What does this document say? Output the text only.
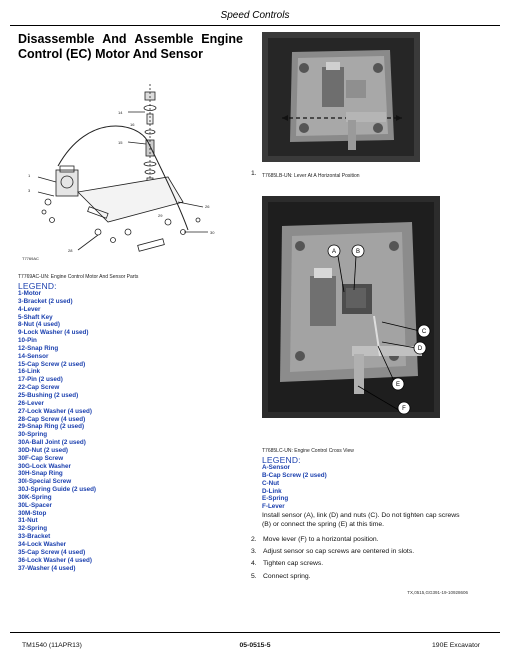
Speed Controls
Disassemble And Assemble Engine
Control (EC) Motor And Sensor
1
3
14
15
30
26
28
16
29
T7769AC
T7769AC-UN: Engine Control Motor And Sensor Parts
LEGEND:
1-Motor
3-Bracket (2 used)
4-Lever
5-Shaft Key
8-Nut (4 used)
9-Lock Washer (4 used)
10-Pin
12-Snap Ring
14-Sensor
15-Cap Screw (2 used)
16-Link
17-Pin (2 used)
22-Cap Screw
25-Bushing (2 used)
26-Lever
27-Lock Washer (4 used)
28-Cap Screw (4 used)
29-Snap Ring (2 used)
30-Spring
30A-Ball Joint (2 used)
30D-Nut (2 used)
30F-Cap Screw
30G-Lock Washer
30H-Snap Ring
30I-Special Screw
30J-Spring Guide (2 used)
30K-Spring
30L-Spacer
30M-Stop
31-Nut
32-Spring
33-Bracket
34-Lock Washer
35-Cap Screw (4 used)
36-Lock Washer (4 used)
37-Washer (4 used)
1. T7685LB-UN: Lever At A Horizontal Position
A	B
C
D
E
F
T7685LC-UN: Engine Control Cross View
LEGEND:
A-Sensor
B-Cap Screw (2 used)
C-Nut
D-Link
E-Spring
F-Lever
Install sensor (A), link (D) and nuts (C). Do not tighten cap screws (B) or connect the spring (E) at this time.
2. Move lever (F) to a horizontal position.
3. Adjust sensor so cap screws are centered in slots.
4. Tighten cap screws.
5. Connect spring.
TX,0515,GG391-19-10928606
TM1540 (11APR13)	05-0515-5	190E Excavator
